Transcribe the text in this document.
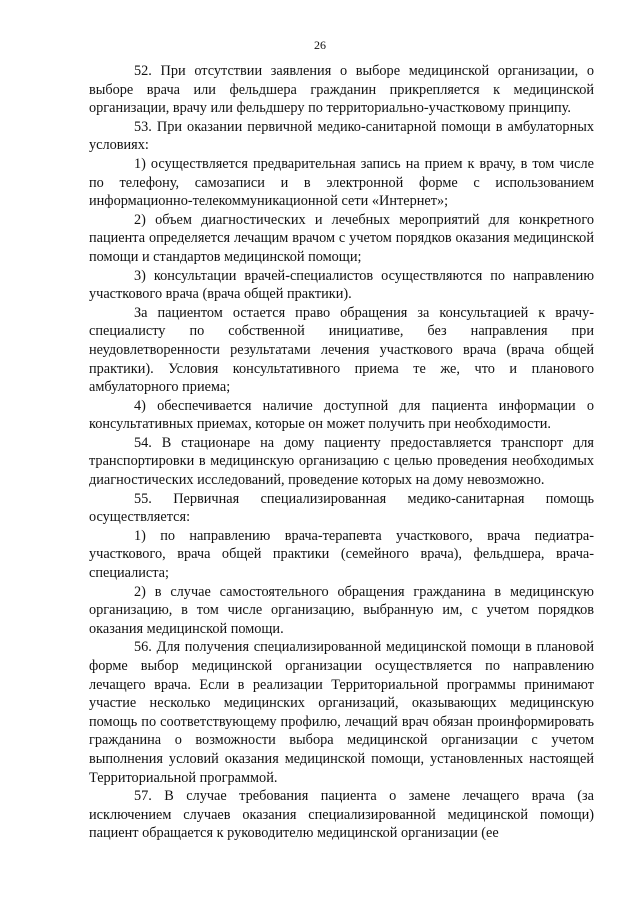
26

52. При отсутствии заявления о выборе медицинской организации, о выборе врача или фельдшера гражданин прикрепляется к медицинской организации, врачу или фельдшеру по территориально-участковому принципу.

53. При оказании первичной медико-санитарной помощи в амбулаторных условиях:

1) осуществляется предварительная запись на прием к врачу, в том числе по телефону, самозаписи и в электронной форме с использованием информационно-телекоммуникационной сети «Интернет»;

2) объем диагностических и лечебных мероприятий для конкретного пациента определяется лечащим врачом с учетом порядков оказания медицинской помощи и стандартов медицинской помощи;

3) консультации врачей-специалистов осуществляются по направлению участкового врача (врача общей практики).

За пациентом остается право обращения за консультацией к врачу-специалисту по собственной инициативе, без направления при неудовлетворенности результатами лечения участкового врача (врача общей практики). Условия консультативного приема те же, что и планового амбулаторного приема;

4) обеспечивается наличие доступной для пациента информации о консультативных приемах, которые он может получить при необходимости.

54. В стационаре на дому пациенту предоставляется транспорт для транспортировки в медицинскую организацию с целью проведения необходимых диагностических исследований, проведение которых на дому невозможно.

55. Первичная специализированная медико-санитарная помощь осуществляется:

1) по направлению врача-терапевта участкового, врача педиатра-участкового, врача общей практики (семейного врача), фельдшера, врача-специалиста;

2) в случае самостоятельного обращения гражданина в медицинскую организацию, в том числе организацию, выбранную им, с учетом порядков оказания медицинской помощи.

56. Для получения специализированной медицинской помощи в плановой форме выбор медицинской организации осуществляется по направлению лечащего врача. Если в реализации Территориальной программы принимают участие несколько медицинских организаций, оказывающих медицинскую помощь по соответствующему профилю, лечащий врач обязан проинформировать гражданина о возможности выбора медицинской организации с учетом выполнения условий оказания медицинской помощи, установленных настоящей Территориальной программой.

57. В случае требования пациента о замене лечащего врача (за исключением случаев оказания специализированной медицинской помощи) пациент обращается к руководителю медицинской организации (ее
